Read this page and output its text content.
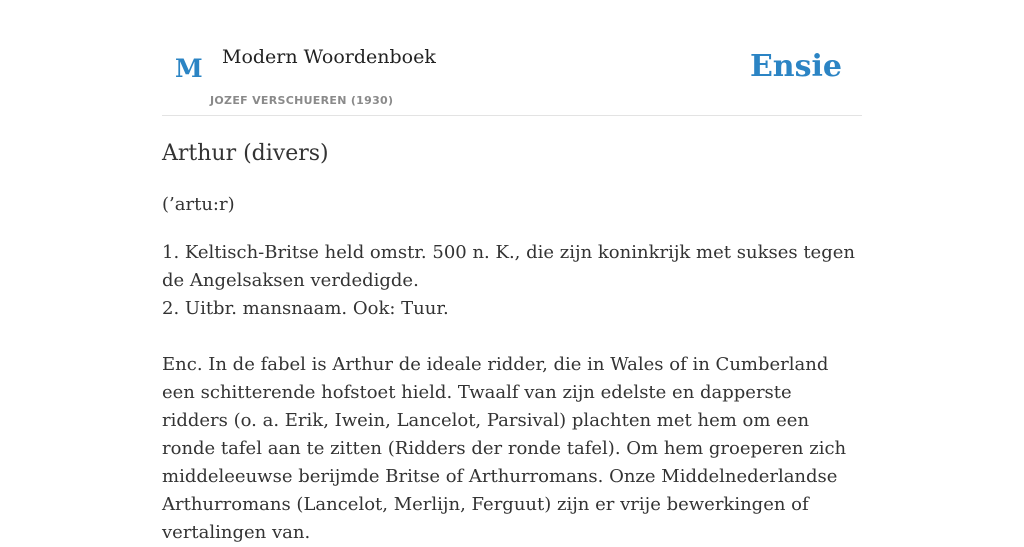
M Modern Woordenboek
JOZEF VERSCHUEREN (1930)
Ensie
Arthur (divers)
(’artu:r)

1. Keltisch-Britse held omstr. 500 n. K., die zijn koninkrijk met sukses tegen de Angelsaksen verdedigde.

2. Uitbr. mansnaam. Ook: Tuur.

Enc. In de fabel is Arthur de ideale ridder, die in Wales of in Cumberland een schitterende hofstoet hield. Twaalf van zijn edelste en dapperste ridders (o. a. Erik, Iwein, Lancelot, Parsival) plachten met hem om een ronde tafel aan te zitten (Ridders der ronde tafel). Om hem groeperen zich middeleeuwse berijmde Britse of Arthurromans. Onze Middelnederlandse Arthurromans (Lancelot, Merlijn, Ferguut) zijn er vrije bewerkingen of vertalingen van.
